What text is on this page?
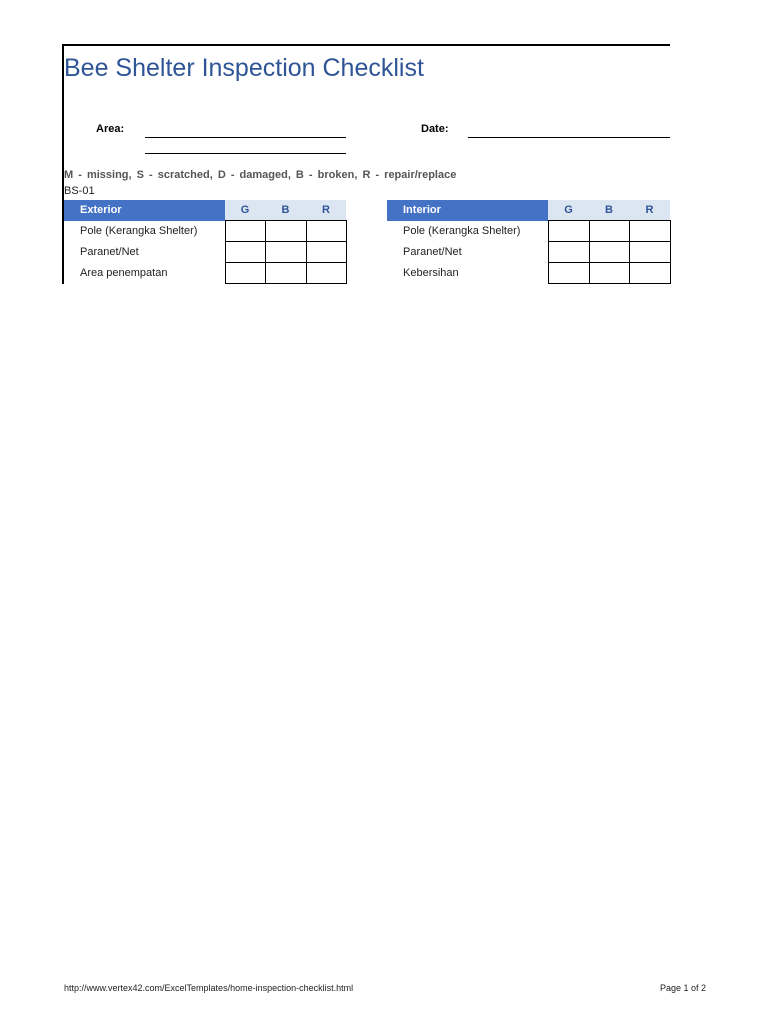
Bee Shelter Inspection Checklist
Area:	Date:
M - missing, S - scratched, D - damaged, B - broken, R - repair/replace
BS-01
Exterior	G	B	R
Pole (Kerangka Shelter)			
Paranet/Net			
Area penempatan			
Interior	G	B	R
Pole (Kerangka Shelter)			
Paranet/Net			
Kebersihan			
http://www.vertex42.com/ExcelTemplates/home-inspection-checklist.html	Page 1 of 2
